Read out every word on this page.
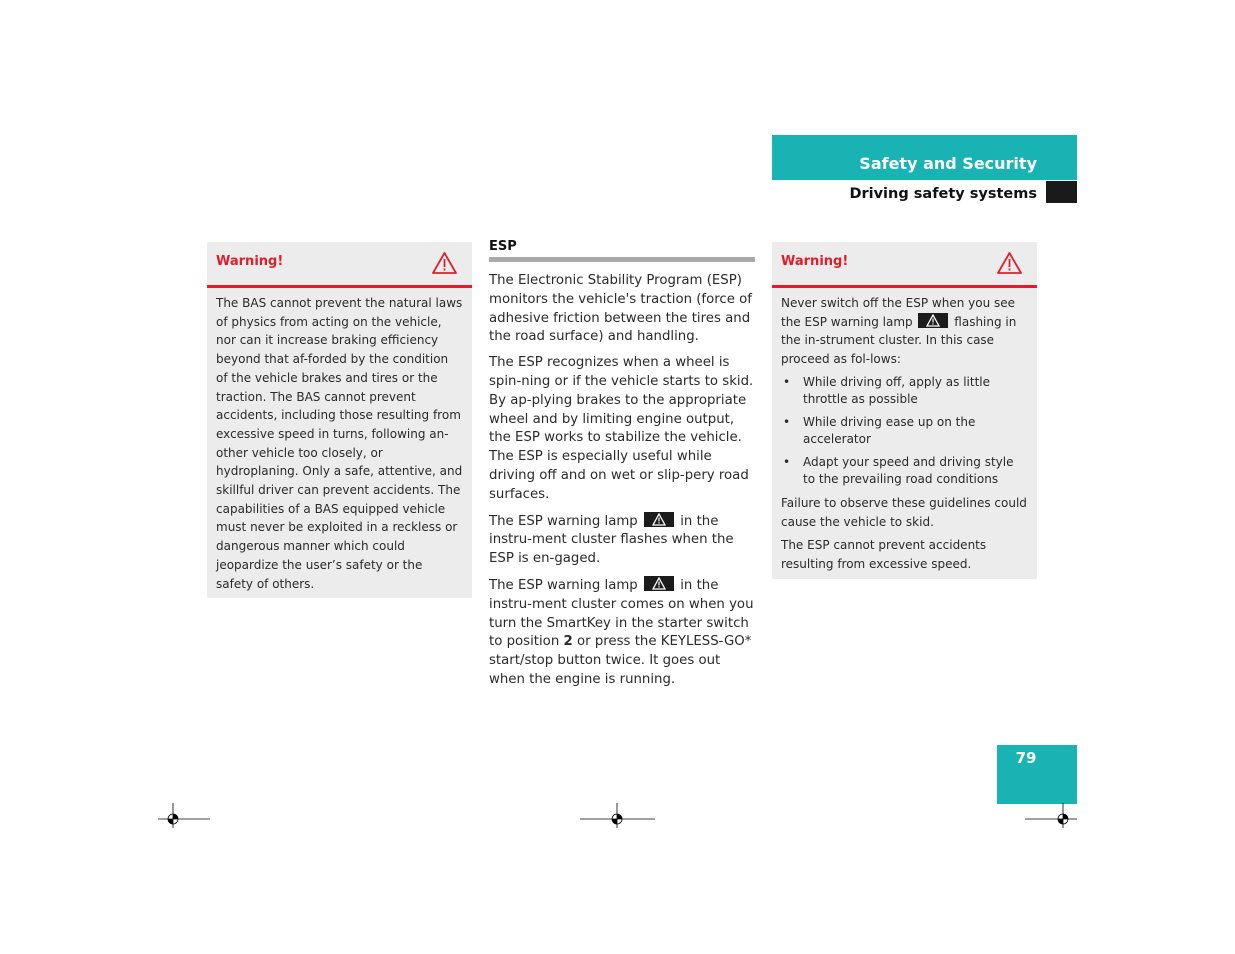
Safety and Security
Driving safety systems
Warning!

The BAS cannot prevent the natural laws of physics from acting on the vehicle, nor can it increase braking efficiency beyond that af-forded by the condition of the vehicle brakes and tires or the traction. The BAS cannot prevent accidents, including those resulting from excessive speed in turns, following an-other vehicle too closely, or hydroplaning. Only a safe, attentive, and skillful driver can prevent accidents. The capabilities of a BAS equipped vehicle must never be exploited in a reckless or dangerous manner which could jeopardize the user’s safety or the safety of others.

ESP

The Electronic Stability Program (ESP) monitors the vehicle's traction (force of adhesive friction between the tires and the road surface) and handling.

The ESP recognizes when a wheel is spin-ning or if the vehicle starts to skid. By ap-plying brakes to the appropriate wheel and by limiting engine output, the ESP works to stabilize the vehicle. The ESP is especially useful while driving off and on wet or slip-pery road surfaces.

The ESP warning lamp	in the instru-ment cluster flashes when the ESP is en-gaged.

The ESP warning lamp	in the instru-ment cluster comes on when you turn the SmartKey in the starter switch to position 2 or press the KEYLESS-GO* start/stop button twice. It goes out when the engine is running.

Warning!

Never switch off the ESP when you see the ESP warning lamp	flashing in the in-strument cluster. In this case proceed as fol-lows:

• While driving off, apply as little throttle as possible
• While driving ease up on the accelerator
• Adapt your speed and driving style to the prevailing road conditions

Failure to observe these guidelines could cause the vehicle to skid.

The ESP cannot prevent accidents resulting from excessive speed.

79
